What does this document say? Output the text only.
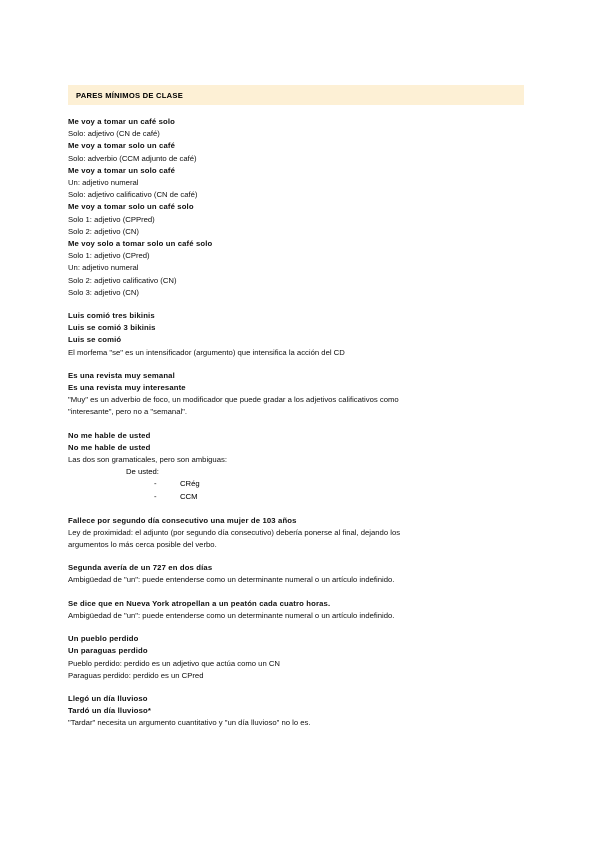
PARES MÍNIMOS DE CLASE
Me voy a tomar un café solo
Solo: adjetivo (CN de café)
Me voy a tomar solo un café
Solo: adverbio (CCM adjunto de café)
Me voy a tomar un solo café
Un: adjetivo numeral
Solo: adjetivo calificativo (CN de café)
Me voy a tomar solo un café solo
Solo 1: adjetivo (CPPred)
Solo 2: adjetivo (CN)
Me voy solo a tomar solo un café solo
Solo 1: adjetivo (CPred)
Un: adjetivo numeral
Solo 2: adjetivo calificativo (CN)
Solo 3: adjetivo (CN)
Luis comió tres bikinis
Luis se comió 3 bikinis
Luis se comió
El morfema "se" es un intensificador (argumento) que intensifica la acción del CD
Es una revista muy semanal
Es una revista muy interesante
"Muy" es un adverbio de foco, un modificador que puede gradar a los adjetivos calificativos como
"interesante", pero no a "semanal".
No me hable de usted
No me hable de usted
Las dos son gramaticales, pero son ambiguas:
De usted:
-	CRég
-	CCM
Fallece por segundo día consecutivo una mujer de 103 años
Ley de proximidad: el adjunto (por segundo día consecutivo) debería ponerse al final, dejando los
argumentos lo más cerca posible del verbo.
Segunda avería de un 727 en dos días
Ambigüedad de "un": puede entenderse como un determinante numeral o un artículo indefinido.
Se dice que en Nueva York atropellan a un peatón cada cuatro horas.
Ambigüedad de "un": puede entenderse como un determinante numeral o un artículo indefinido.
Un pueblo perdido
Un paraguas perdido
Pueblo perdido: perdido es un adjetivo que actúa como un CN
Paraguas perdido: perdido es un CPred
Llegó un día lluvioso
Tardó un día lluvioso*
"Tardar" necesita un argumento cuantitativo y "un día lluvioso" no lo es.
